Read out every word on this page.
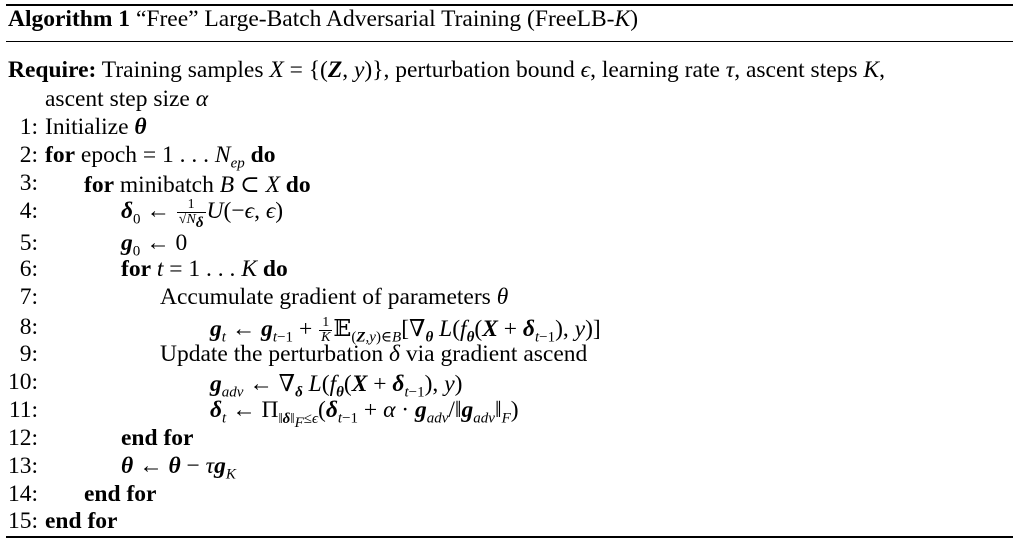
Algorithm 1 “Free” Large-Batch Adversarial Training (FreeLB-K)
Require: Training samples X = {(Z, y)}, perturbation bound ϵ, learning rate τ, ascent steps K,
ascent step size α
1: Initialize θ
2: for epoch = 1 . . . $N_{ep}$ do
3: for minibatch B ⊂ X do
4:	$\delta_0$ ← $\frac{1}{√N_\delta} U(-\epsilon$, ϵ)
5:	$g_0$ ← 0
6:	for t = 1 . . . K do
7:	Accumulate gradient of parameters θ
8:	$g_t$ ← $g_{t-1} + \frac{1}{K}$ $𝔼_{(Z,y)\in B}[\nabla_\theta$ $L(f_\theta(X + \delta_{t-1})$, y)]
9:	Update the perturbation δ via gradient ascend
10:	$g_{adv}$ ← $\nabla_\delta$ $L(f_\theta(X + \delta_{t-1})$, y)
11:	$\delta_t$ ← $\Pi_{‖\delta‖_F\le\epsilon}(\delta_{t-1} + \alpha$ · $g_{adv}/‖g_{adv}‖_F$)
12:	end for
13:	θ ← $\theta - \tau g_K$
14: end for
15: end for
